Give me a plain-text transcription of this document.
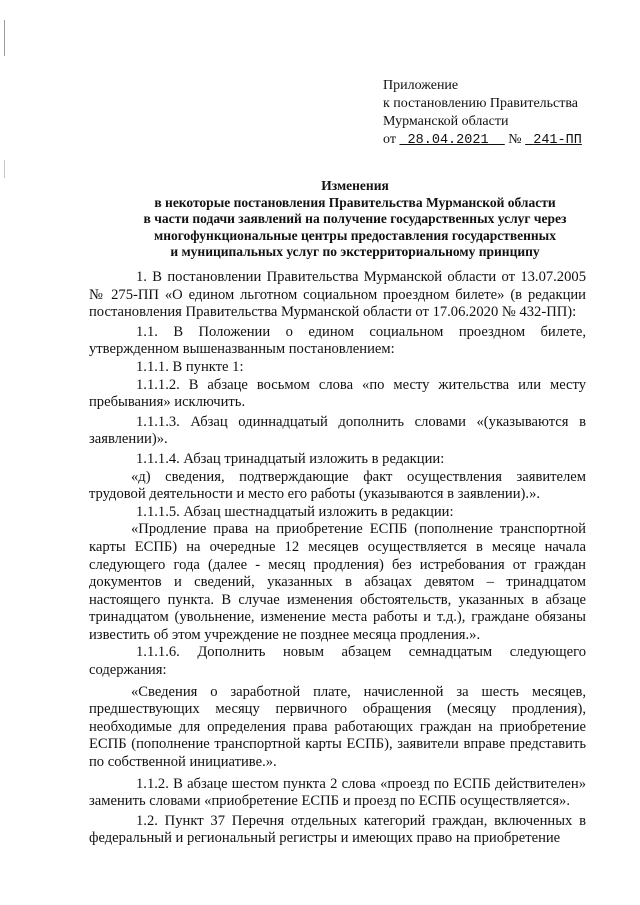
Приложение
к постановлению Правительства
Мурманской области
от 28.04.2021 № 241-ПП
Изменения
в некоторые постановления Правительства Мурманской области
в части подачи заявлений на получение государственных услуг через
многофункциональные центры предоставления государственных
и муниципальных услуг по экстерриториальному принципу

1. В постановлении Правительства Мурманской области от 13.07.2005 № 275-ПП «О едином льготном социальном проездном билете» (в редакции постановления Правительства Мурманской области от 17.06.2020 № 432-ПП):

1.1. В Положении о едином социальном проездном билете, утвержденном вышеназванным постановлением:

1.1.1. В пункте 1:

1.1.1.2. В абзаце восьмом слова «по месту жительства или месту пребывания» исключить.

1.1.1.3. Абзац одиннадцатый дополнить словами «(указываются в заявлении)».

1.1.1.4. Абзац тринадцатый изложить в редакции:

«д) сведения, подтверждающие факт осуществления заявителем трудовой деятельности и место его работы (указываются в заявлении).».

1.1.1.5. Абзац шестнадцатый изложить в редакции:

«Продление права на приобретение ЕСПБ (пополнение транспортной карты ЕСПБ) на очередные 12 месяцев осуществляется в месяце начала следующего года (далее - месяц продления) без истребования от граждан документов и сведений, указанных в абзацах девятом – тринадцатом настоящего пункта. В случае изменения обстоятельств, указанных в абзаце тринадцатом (увольнение, изменение места работы и т.д.), граждане обязаны известить об этом учреждение не позднее месяца продления.».

1.1.1.6. Дополнить новым абзацем семнадцатым следующего содержания:

«Сведения о заработной плате, начисленной за шесть месяцев, предшествующих месяцу первичного обращения (месяцу продления), необходимые для определения права работающих граждан на приобретение ЕСПБ (пополнение транспортной карты ЕСПБ), заявители вправе представить по собственной инициативе.».

1.1.2. В абзаце шестом пункта 2 слова «проезд по ЕСПБ действителен» заменить словами «приобретение ЕСПБ и проезд по ЕСПБ осуществляется».

1.2. Пункт 37 Перечня отдельных категорий граждан, включенных в федеральный и региональный регистры и имеющих право на приобретение
